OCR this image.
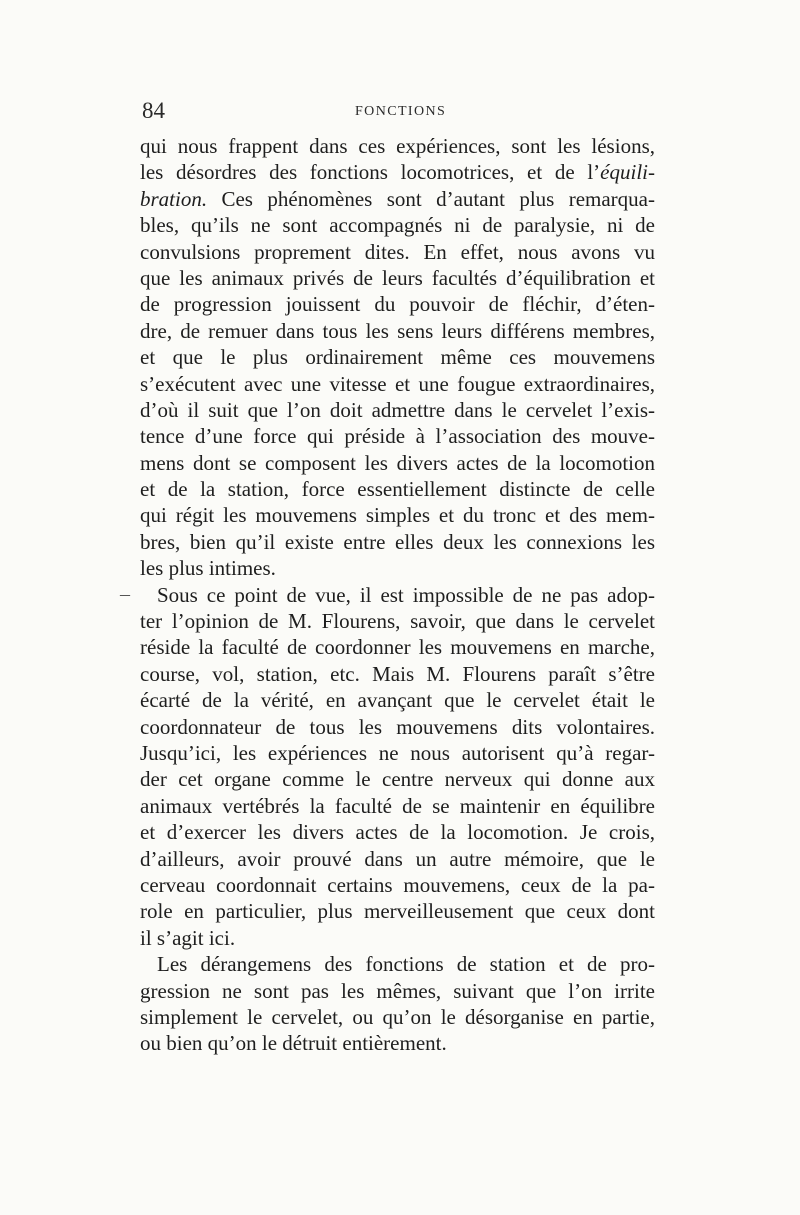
84	FONCTIONS
–
qui nous frappent dans ces expériences, sont les lésions,
les désordres des fonctions locomotrices, et de l’équili-
bration. Ces phénomènes sont d’autant plus remarqua-
bles, qu’ils ne sont accompagnés ni de paralysie, ni de
convulsions proprement dites. En effet, nous avons vu
que les animaux privés de leurs facultés d’équilibration et
de progression jouissent du pouvoir de fléchir, d’éten-
dre, de remuer dans tous les sens leurs différens membres,
et que le plus ordinairement même ces mouvemens
s’exécutent avec une vitesse et une fougue extraordinaires,
d’où il suit que l’on doit admettre dans le cervelet l’exis-
tence d’une force qui préside à l’association des mouve-
mens dont se composent les divers actes de la locomotion
et de la station, force essentiellement distincte de celle
qui régit les mouvemens simples et du tronc et des mem-
bres, bien qu’il existe entre elles deux les connexions les
les plus intimes.
Sous ce point de vue, il est impossible de ne pas adop-
ter l’opinion de M. Flourens, savoir, que dans le cervelet
réside la faculté de coordonner les mouvemens en marche,
course, vol, station, etc. Mais M. Flourens paraît s’être
écarté de la vérité, en avançant que le cervelet était le
coordonnateur de tous les mouvemens dits volontaires.
Jusqu’ici, les expériences ne nous autorisent qu’à regar-
der cet organe comme le centre nerveux qui donne aux
animaux vertébrés la faculté de se maintenir en équilibre
et d’exercer les divers actes de la locomotion. Je crois,
d’ailleurs, avoir prouvé dans un autre mémoire, que le
cerveau coordonnait certains mouvemens, ceux de la pa-
role en particulier, plus merveilleusement que ceux dont
il s’agit ici.
Les dérangemens des fonctions de station et de pro-
gression ne sont pas les mêmes, suivant que l’on irrite
simplement le cervelet, ou qu’on le désorganise en partie,
ou bien qu’on le détruit entièrement.
